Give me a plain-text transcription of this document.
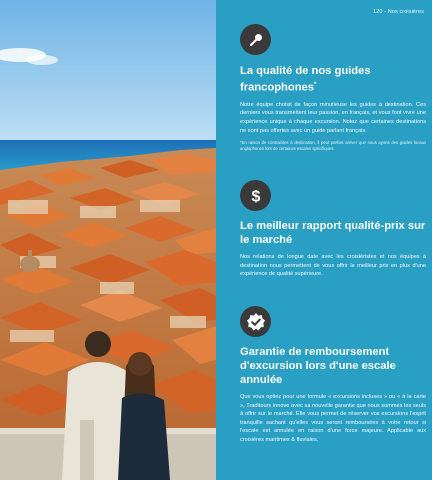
120 - Nos croisières
La qualité de nos guides francophones*

Notre équipe choisit de façon minutieuse les guides à destination. Ces derniers vous transmettent leur passion, en français, et vous font vivre une expérience unique à chaque excursion. Notez que certaines destinations ne sont pas offertes avec un guide parlant français.

*En raison de contraintes à destination, il peut parfois arriver que nous ayons des guides locaux anglophones lors de certaines escales spécifiques.

$
Le meilleur rapport qualité-prix sur le marché

Nos relations de longue date avec les croisiéristes et nos équipes à destination nous permettent de vous offrir le meilleur prix en plus d'une expérience de qualité supérieure.

Garantie de remboursement d'excursion lors d'une escale annulée

Que vous optiez pour une formule « excursions incluses » ou « à la carte », Traditours innove avec sa nouvelle garantie que nous sommes les seuls à offrir sur le marché. Elle vous permet de réserver vos excursions l'esprit tranquille sachant qu'elles vous seront remboursées à votre retour si l'escale est annulée en raison d'une force majeure. Applicable aux croisières maritimes & fluviales.
